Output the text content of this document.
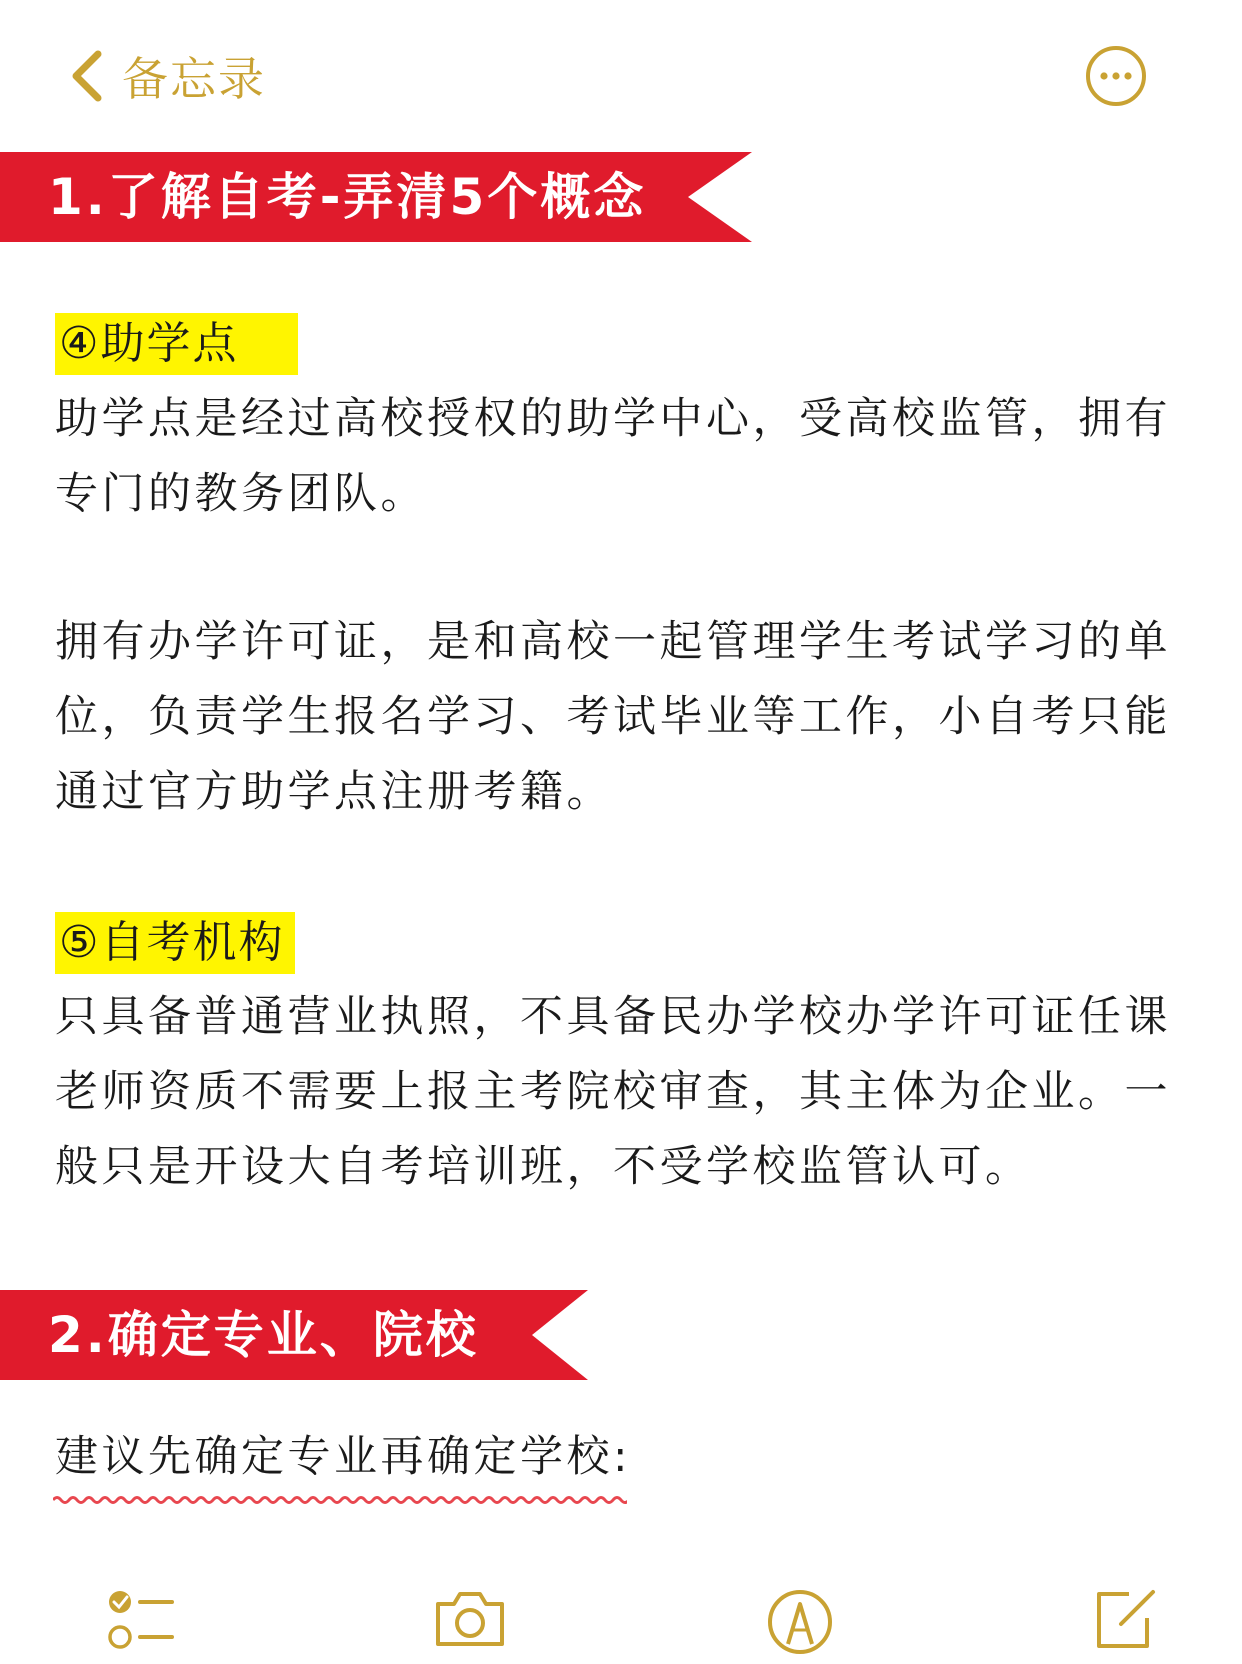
备忘录
1.了解自考-弄清5个概念
④助学点

助学点是经过高校授权的助学中心，受高校监管，拥有专门的教务团队。

拥有办学许可证，是和高校一起管理学生考试学习的单位，负责学生报名学习、考试毕业等工作，小自考只能通过官方助学点注册考籍。

⑤自考机构

只具备普通营业执照，不具备民办学校办学许可证任课老师资质不需要上报主考院校审查，其主体为企业。一般只是开设大自考培训班，不受学校监管认可。

2.确定专业、院校

建议先确定专业再确定学校:
